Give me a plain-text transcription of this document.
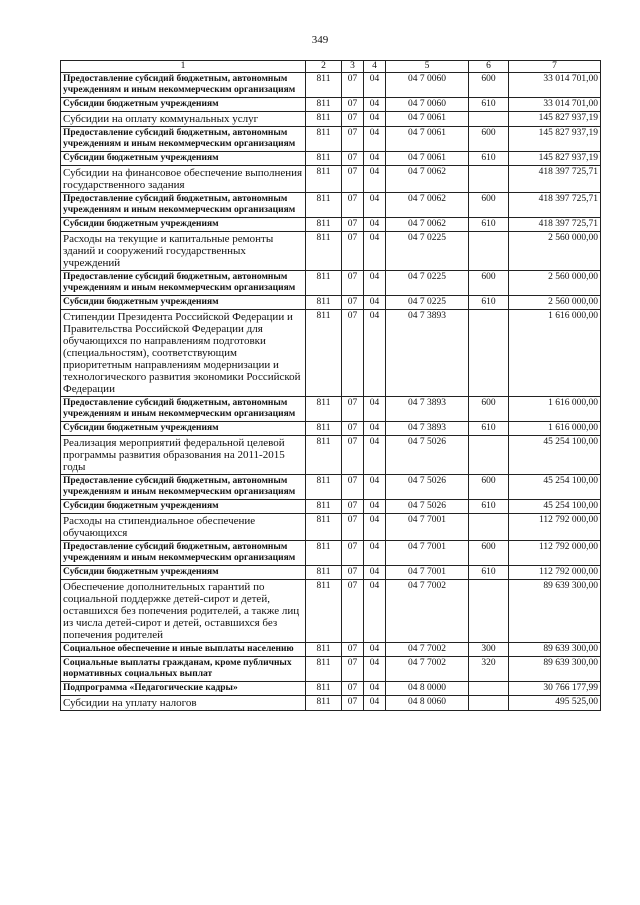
349
1	2	3	4	5	6	7
Предоставление субсидий бюджетным, автономным учреждениям и иным некоммерческим организациям	811	07	04	04 7 0060	600	33 014 701,00
Субсидии бюджетным учреждениям	811	07	04	04 7 0060	610	33 014 701,00
Субсидии на оплату коммунальных услуг	811	07	04	04 7 0061		145 827 937,19
Предоставление субсидий бюджетным, автономным учреждениям и иным некоммерческим организациям	811	07	04	04 7 0061	600	145 827 937,19
Субсидии бюджетным учреждениям	811	07	04	04 7 0061	610	145 827 937,19
Субсидии на финансовое обеспечение выполнения государственного задания	811	07	04	04 7 0062		418 397 725,71
Предоставление субсидий бюджетным, автономным учреждениям и иным некоммерческим организациям	811	07	04	04 7 0062	600	418 397 725,71
Субсидии бюджетным учреждениям	811	07	04	04 7 0062	610	418 397 725,71
Расходы на текущие и капитальные ремонты зданий и сооружений государственных учреждений	811	07	04	04 7 0225		2 560 000,00
Предоставление субсидий бюджетным, автономным учреждениям и иным некоммерческим организациям	811	07	04	04 7 0225	600	2 560 000,00
Субсидии бюджетным учреждениям	811	07	04	04 7 0225	610	2 560 000,00
Стипендии Президента Российской Федерации и Правительства Российской Федерации для обучающихся по направлениям подготовки (специальностям), соответствующим приоритетным направлениям модернизации и технологического развития экономики Российской Федерации	811	07	04	04 7 3893		1 616 000,00
Предоставление субсидий бюджетным, автономным учреждениям и иным некоммерческим организациям	811	07	04	04 7 3893	600	1 616 000,00
Субсидии бюджетным учреждениям	811	07	04	04 7 3893	610	1 616 000,00
Реализация мероприятий федеральной целевой программы развития образования на 2011-2015 годы	811	07	04	04 7 5026		45 254 100,00
Предоставление субсидий бюджетным, автономным учреждениям и иным некоммерческим организациям	811	07	04	04 7 5026	600	45 254 100,00
Субсидии бюджетным учреждениям	811	07	04	04 7 5026	610	45 254 100,00
Расходы на стипендиальное обеспечение обучающихся	811	07	04	04 7 7001		112 792 000,00
Предоставление субсидий бюджетным, автономным учреждениям и иным некоммерческим организациям	811	07	04	04 7 7001	600	112 792 000,00
Субсидии бюджетным учреждениям	811	07	04	04 7 7001	610	112 792 000,00
Обеспечение дополнительных гарантий по социальной поддержке детей-сирот и детей, оставшихся без попечения родителей, а также лиц из числа детей-сирот и детей, оставшихся без попечения родителей	811	07	04	04 7 7002		89 639 300,00
Социальное обеспечение и иные выплаты населению	811	07	04	04 7 7002	300	89 639 300,00
Социальные выплаты гражданам, кроме публичных нормативных социальных выплат	811	07	04	04 7 7002	320	89 639 300,00
Подпрограмма «Педагогические кадры»	811	07	04	04 8 0000		30 766 177,99
Субсидии на уплату налогов	811	07	04	04 8 0060		495 525,00
